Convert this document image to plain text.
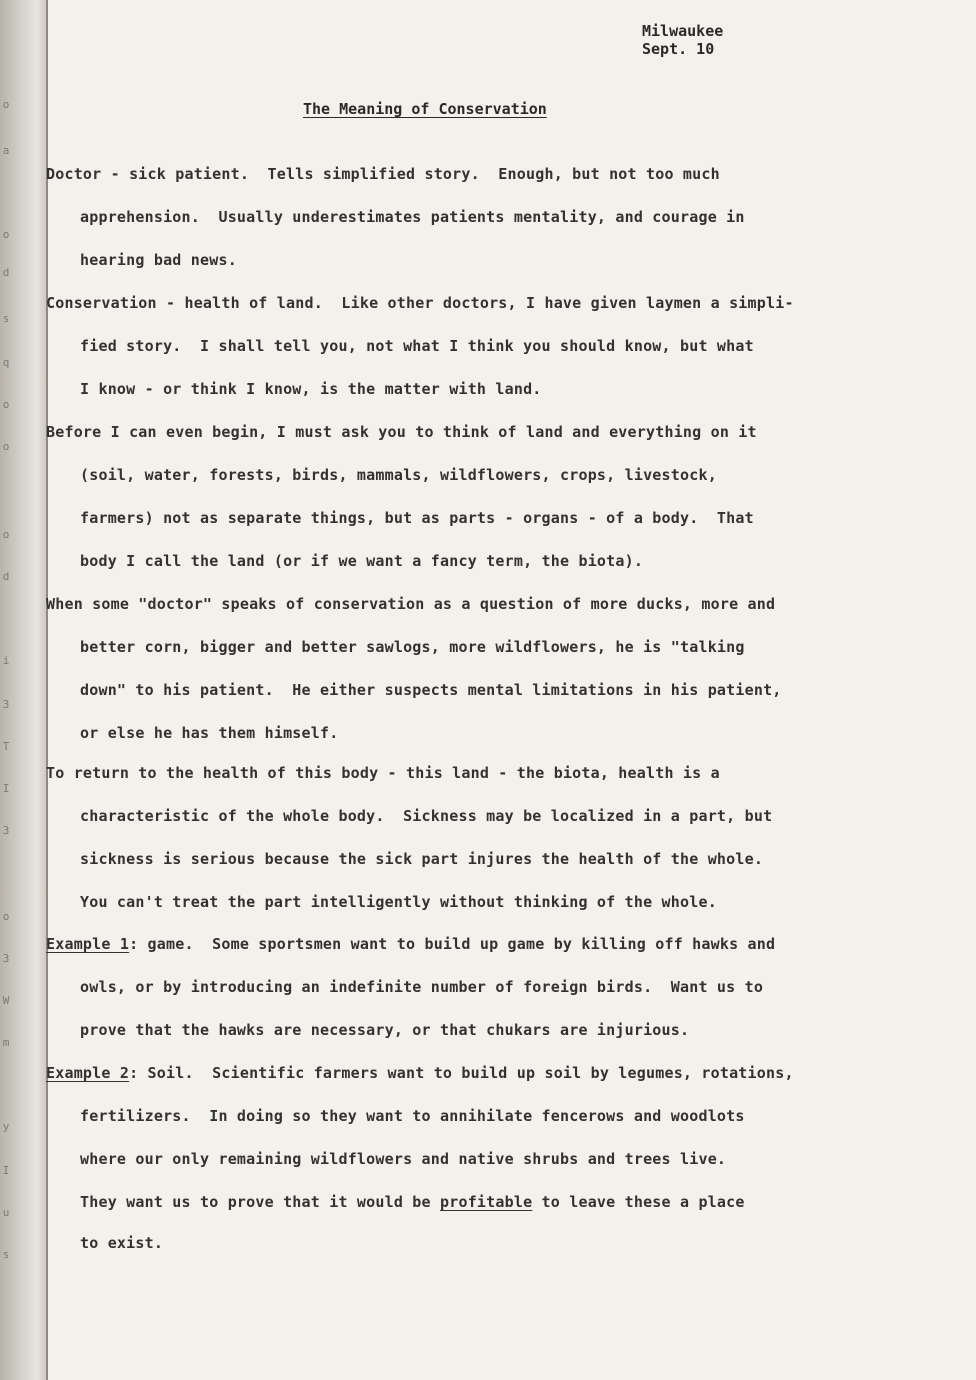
o
a
o
d
s
q
o
o
o
d
i
3
T
I
3
o
3
W
m
y
I
u
s
Milwaukee
Sept. 10
The Meaning of Conservation
Doctor - sick patient.  Tells simplified story.  Enough, but not too much
apprehension.  Usually underestimates patients mentality, and courage in
hearing bad news.
Conservation - health of land.  Like other doctors, I have given laymen a simpli-
fied story.  I shall tell you, not what I think you should know, but what
I know - or think I know, is the matter with land.
Before I can even begin, I must ask you to think of land and everything on it
(soil, water, forests, birds, mammals, wildflowers, crops, livestock,
farmers) not as separate things, but as parts - organs - of a body.  That
body I call the land (or if we want a fancy term, the biota).
When some "doctor" speaks of conservation as a question of more ducks, more and
better corn, bigger and better sawlogs, more wildflowers, he is "talking
down" to his patient.  He either suspects mental limitations in his patient,
or else he has them himself.
To return to the health of this body - this land - the biota, health is a
characteristic of the whole body.  Sickness may be localized in a part, but
sickness is serious because the sick part injures the health of the whole.
You can't treat the part intelligently without thinking of the whole.
Example 1: game.  Some sportsmen want to build up game by killing off hawks and
owls, or by introducing an indefinite number of foreign birds.  Want us to
prove that the hawks are necessary, or that chukars are injurious.
Example 2: Soil.  Scientific farmers want to build up soil by legumes, rotations,
fertilizers.  In doing so they want to annihilate fencerows and woodlots
where our only remaining wildflowers and native shrubs and trees live.
They want us to prove that it would be profitable to leave these a place
to exist.
